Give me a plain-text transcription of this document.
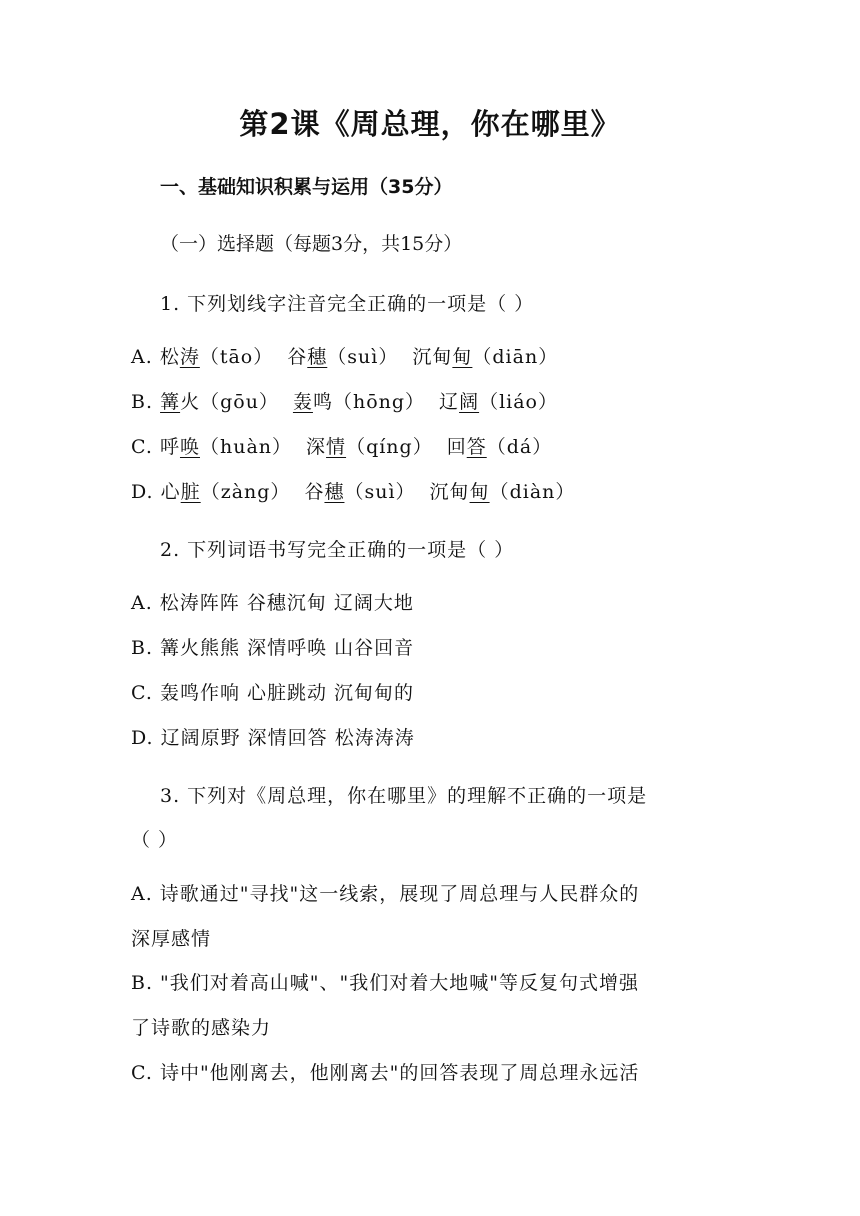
第2课《周总理，你在哪里》
一、基础知识积累与运用（35分）
（一）选择题（每题3分，共15分）
1. 下列划线字注音完全正确的一项是（ ）
A. 松涛（tāo） 谷穗（suì） 沉甸甸（diān）
B. 篝火（gōu） 轰鸣（hōng） 辽阔（liáo）
C. 呼唤（huàn） 深情（qíng） 回答（dá）
D. 心脏（zàng） 谷穗（suì） 沉甸甸（diàn）
2. 下列词语书写完全正确的一项是（ ）
A. 松涛阵阵 谷穗沉甸 辽阔大地
B. 篝火熊熊 深情呼唤 山谷回音
C. 轰鸣作响 心脏跳动 沉甸甸的
D. 辽阔原野 深情回答 松涛涛涛
3. 下列对《周总理，你在哪里》的理解不正确的一项是
（ ）
A. 诗歌通过"寻找"这一线索，展现了周总理与人民群众的
深厚感情
B. "我们对着高山喊"、"我们对着大地喊"等反复句式增强
了诗歌的感染力
C. 诗中"他刚离去，他刚离去"的回答表现了周总理永远活
